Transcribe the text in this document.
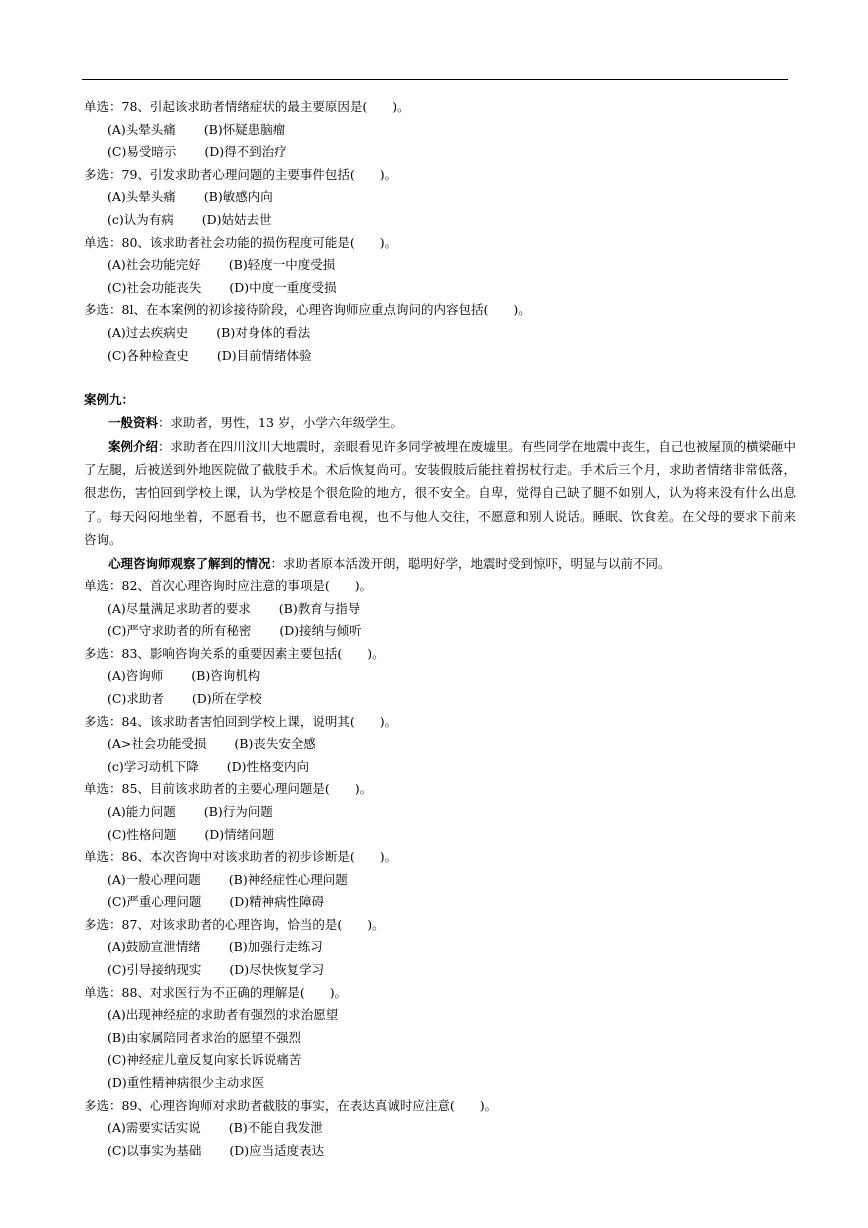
单选：78、引起该求助者情绪症状的最主要原因是(　　)。
(A)头晕头痛 (B)怀疑患脑瘤
(C)易受暗示 (D)得不到治疗
多选：79、引发求助者心理问题的主要事件包括(　　)。
(A)头晕头痛 (B)敏感内向
(c)认为有病 (D)姑姑去世
单选：80、该求助者社会功能的损伤程度可能是(　　)。
(A)社会功能完好 (B)轻度一中度受损
(C)社会功能丧失 (D)中度一重度受损
多选：8l、在本案例的初诊接待阶段，心理咨询师应重点询问的内容包括(　　)。
(A)过去疾病史 (B)对身体的看法
(C)各种检查史 (D)目前情绪体验
案例九：
一般资料：求助者，男性，13 岁，小学六年级学生。
案例介绍：求助者在四川汶川大地震时，亲眼看见许多同学被埋在废墟里。有些同学在地震中丧生，自己也被屋顶的横梁砸中了左腿，后被送到外地医院做了截肢手术。术后恢复尚可。安装假肢后能拄着拐杖行走。手术后三个月，求助者情绪非常低落，很悲伤，害怕回到学校上课，认为学校是个很危险的地方，很不安全。自卑，觉得自己缺了腿不如别人，认为将来没有什么出息了。每天闷闷地坐着，不愿看书，也不愿意看电视，也不与他人交往，不愿意和别人说话。睡眠、饮食差。在父母的要求下前来咨询。
心理咨询师观察了解到的情况：求助者原本活泼开朗，聪明好学，地震时受到惊吓，明显与以前不同。
单选：82、首次心理咨询时应注意的事项是(　　)。
(A)尽量满足求助者的要求 (B)教育与指导
(C)严守求助者的所有秘密 (D)接纳与倾听
多选：83、影响咨询关系的重要因素主要包括(　　)。
(A)咨询师 (B)咨询机构
(C)求助者 (D)所在学校
多选：84、该求助者害怕回到学校上课，说明其(　　)。
(A>社会功能受损 (B)丧失安全感
(c)学习动机下降 (D)性格变内向
单选：85、目前该求助者的主要心理问题是(　　)。
(A)能力问题 (B)行为问题
(C)性格问题 (D)情绪问题
单选：86、本次咨询中对该求助者的初步诊断是(　　)。
(A)一般心理问题 (B)神经症性心理问题
(C)严重心理问题 (D)精神病性障碍
多选：87、对该求助者的心理咨询，恰当的是(　　)。
(A)鼓励宣泄情绪 (B)加强行走练习
(C)引导接纳现实 (D)尽快恢复学习
单选：88、对求医行为不正确的理解是(　　)。
(A)出现神经症的求助者有强烈的求治愿望
(B)由家属陪同者求治的愿望不强烈
(C)神经症儿童反复向家长诉说痛苦
(D)重性精神病很少主动求医
多选：89、心理咨询师对求助者截肢的事实，在表达真诚时应注意(　　)。
(A)需要实话实说 (B)不能自我发泄
(C)以事实为基础 (D)应当适度表达
